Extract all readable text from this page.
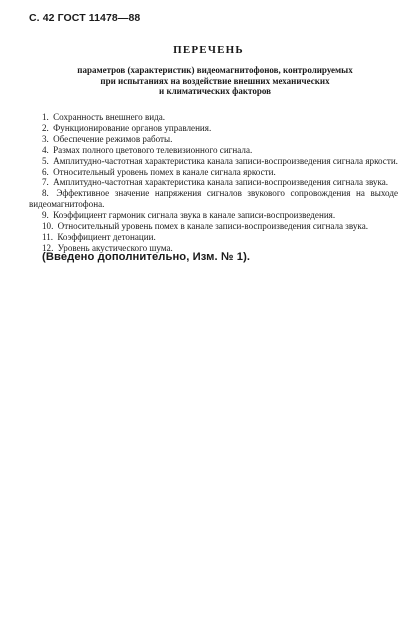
С. 42 ГОСТ 11478—88
ПЕРЕЧЕНЬ
параметров (характеристик) видеомагнитофонов, контролируемых
при испытаниях на воздействие внешних механических
и климатических факторов
1. Сохранность внешнего вида.
2. Функционирование органов управления.
3. Обеспечение режимов работы.
4. Размах полного цветового телевизионного сигнала.
5. Амплитудно-частотная характеристика канала записи-воспроизведения сигнала яркости.
6. Относительный уровень помех в канале сигнала яркости.
7. Амплитудно-частотная характеристика канала записи-воспроизведения сигнала звука.
8. Эффективное значение напряжения сигналов звукового сопровождения на выходе видеомагнитофона.
9. Коэффициент гармоник сигнала звука в канале записи-воспроизведения.
10. Относительный уровень помех в канале записи-воспроизведения сигнала звука.
11. Коэффициент детонации.
12. Уровень акустического шума.
(Введено дополнительно, Изм. № 1).
